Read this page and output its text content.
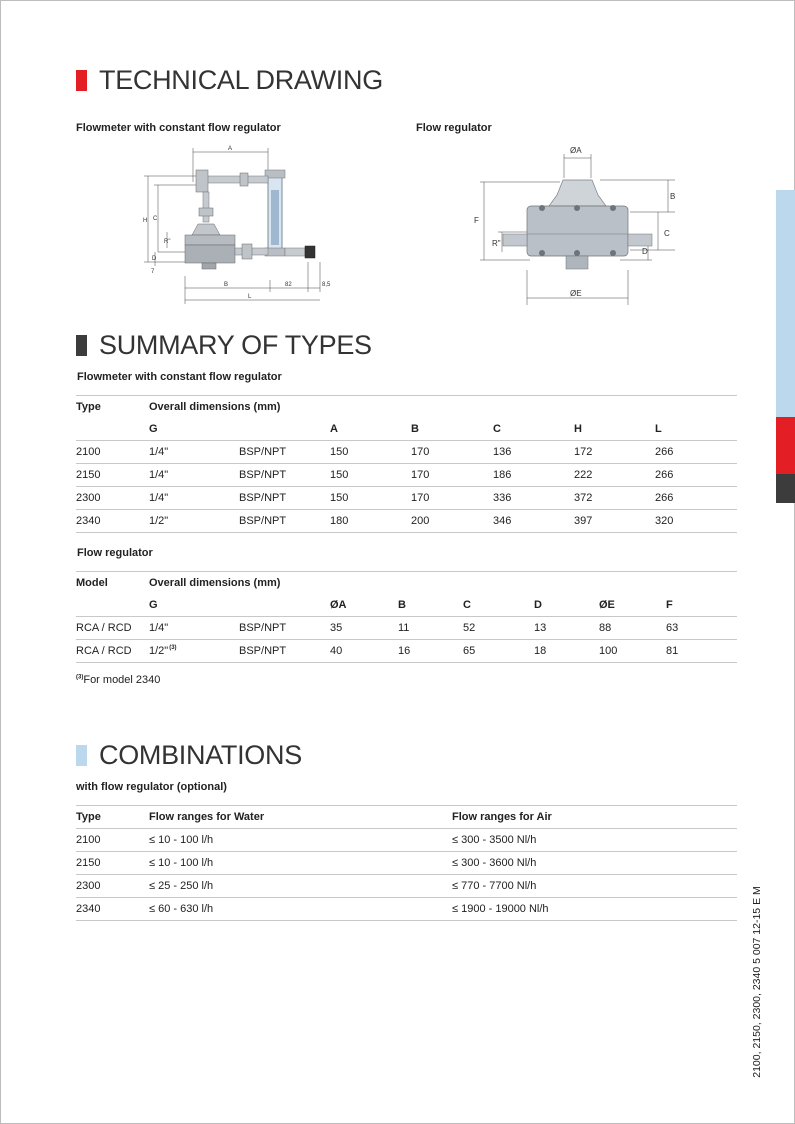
TECHNICAL DRAWING
Flowmeter with constant flow regulator	Flow regulator
A
H C
R"
D
7
B	82	8,5
L
ØA
B
F
C
R"
D
ØE
SUMMARY OF TYPES
Flowmeter with constant flow regulator
Type	Overall dimensions (mm)						
	G		A	B	C	H	L
2100	1/4"	BSP/NPT	150	170	136	172	266
2150	1/4"	BSP/NPT	150	170	186	222	266
2300	1/4"	BSP/NPT	150	170	336	372	266
2340	1/2"	BSP/NPT	180	200	346	397	320
Flow regulator
Model	Overall dimensions (mm)							
	G		ØA	B	C	D	ØE	F
RCA / RCD	1/4"	BSP/NPT	35	11	52	13	88	63
RCA / RCD	1/2"$^{(3)}$	BSP/NPT	40	16	65	18	100	81
$^{(3)}$For model 2340
COMBINATIONS
with flow regulator (optional)
Type	Flow ranges for Water	Flow ranges for Air
2100	≤ 10 - 100 l/h	≤ 300 - 3500 Nl/h
2150	≤ 10 - 100 l/h	≤ 300 - 3600 Nl/h
2300	≤ 25 - 250 l/h	≤ 770 - 7700 Nl/h
2340	≤ 60 - 630 l/h	≤ 1900 - 19000 Nl/h	2100, 2150, 2300, 2340 5 007 12-15 E M
